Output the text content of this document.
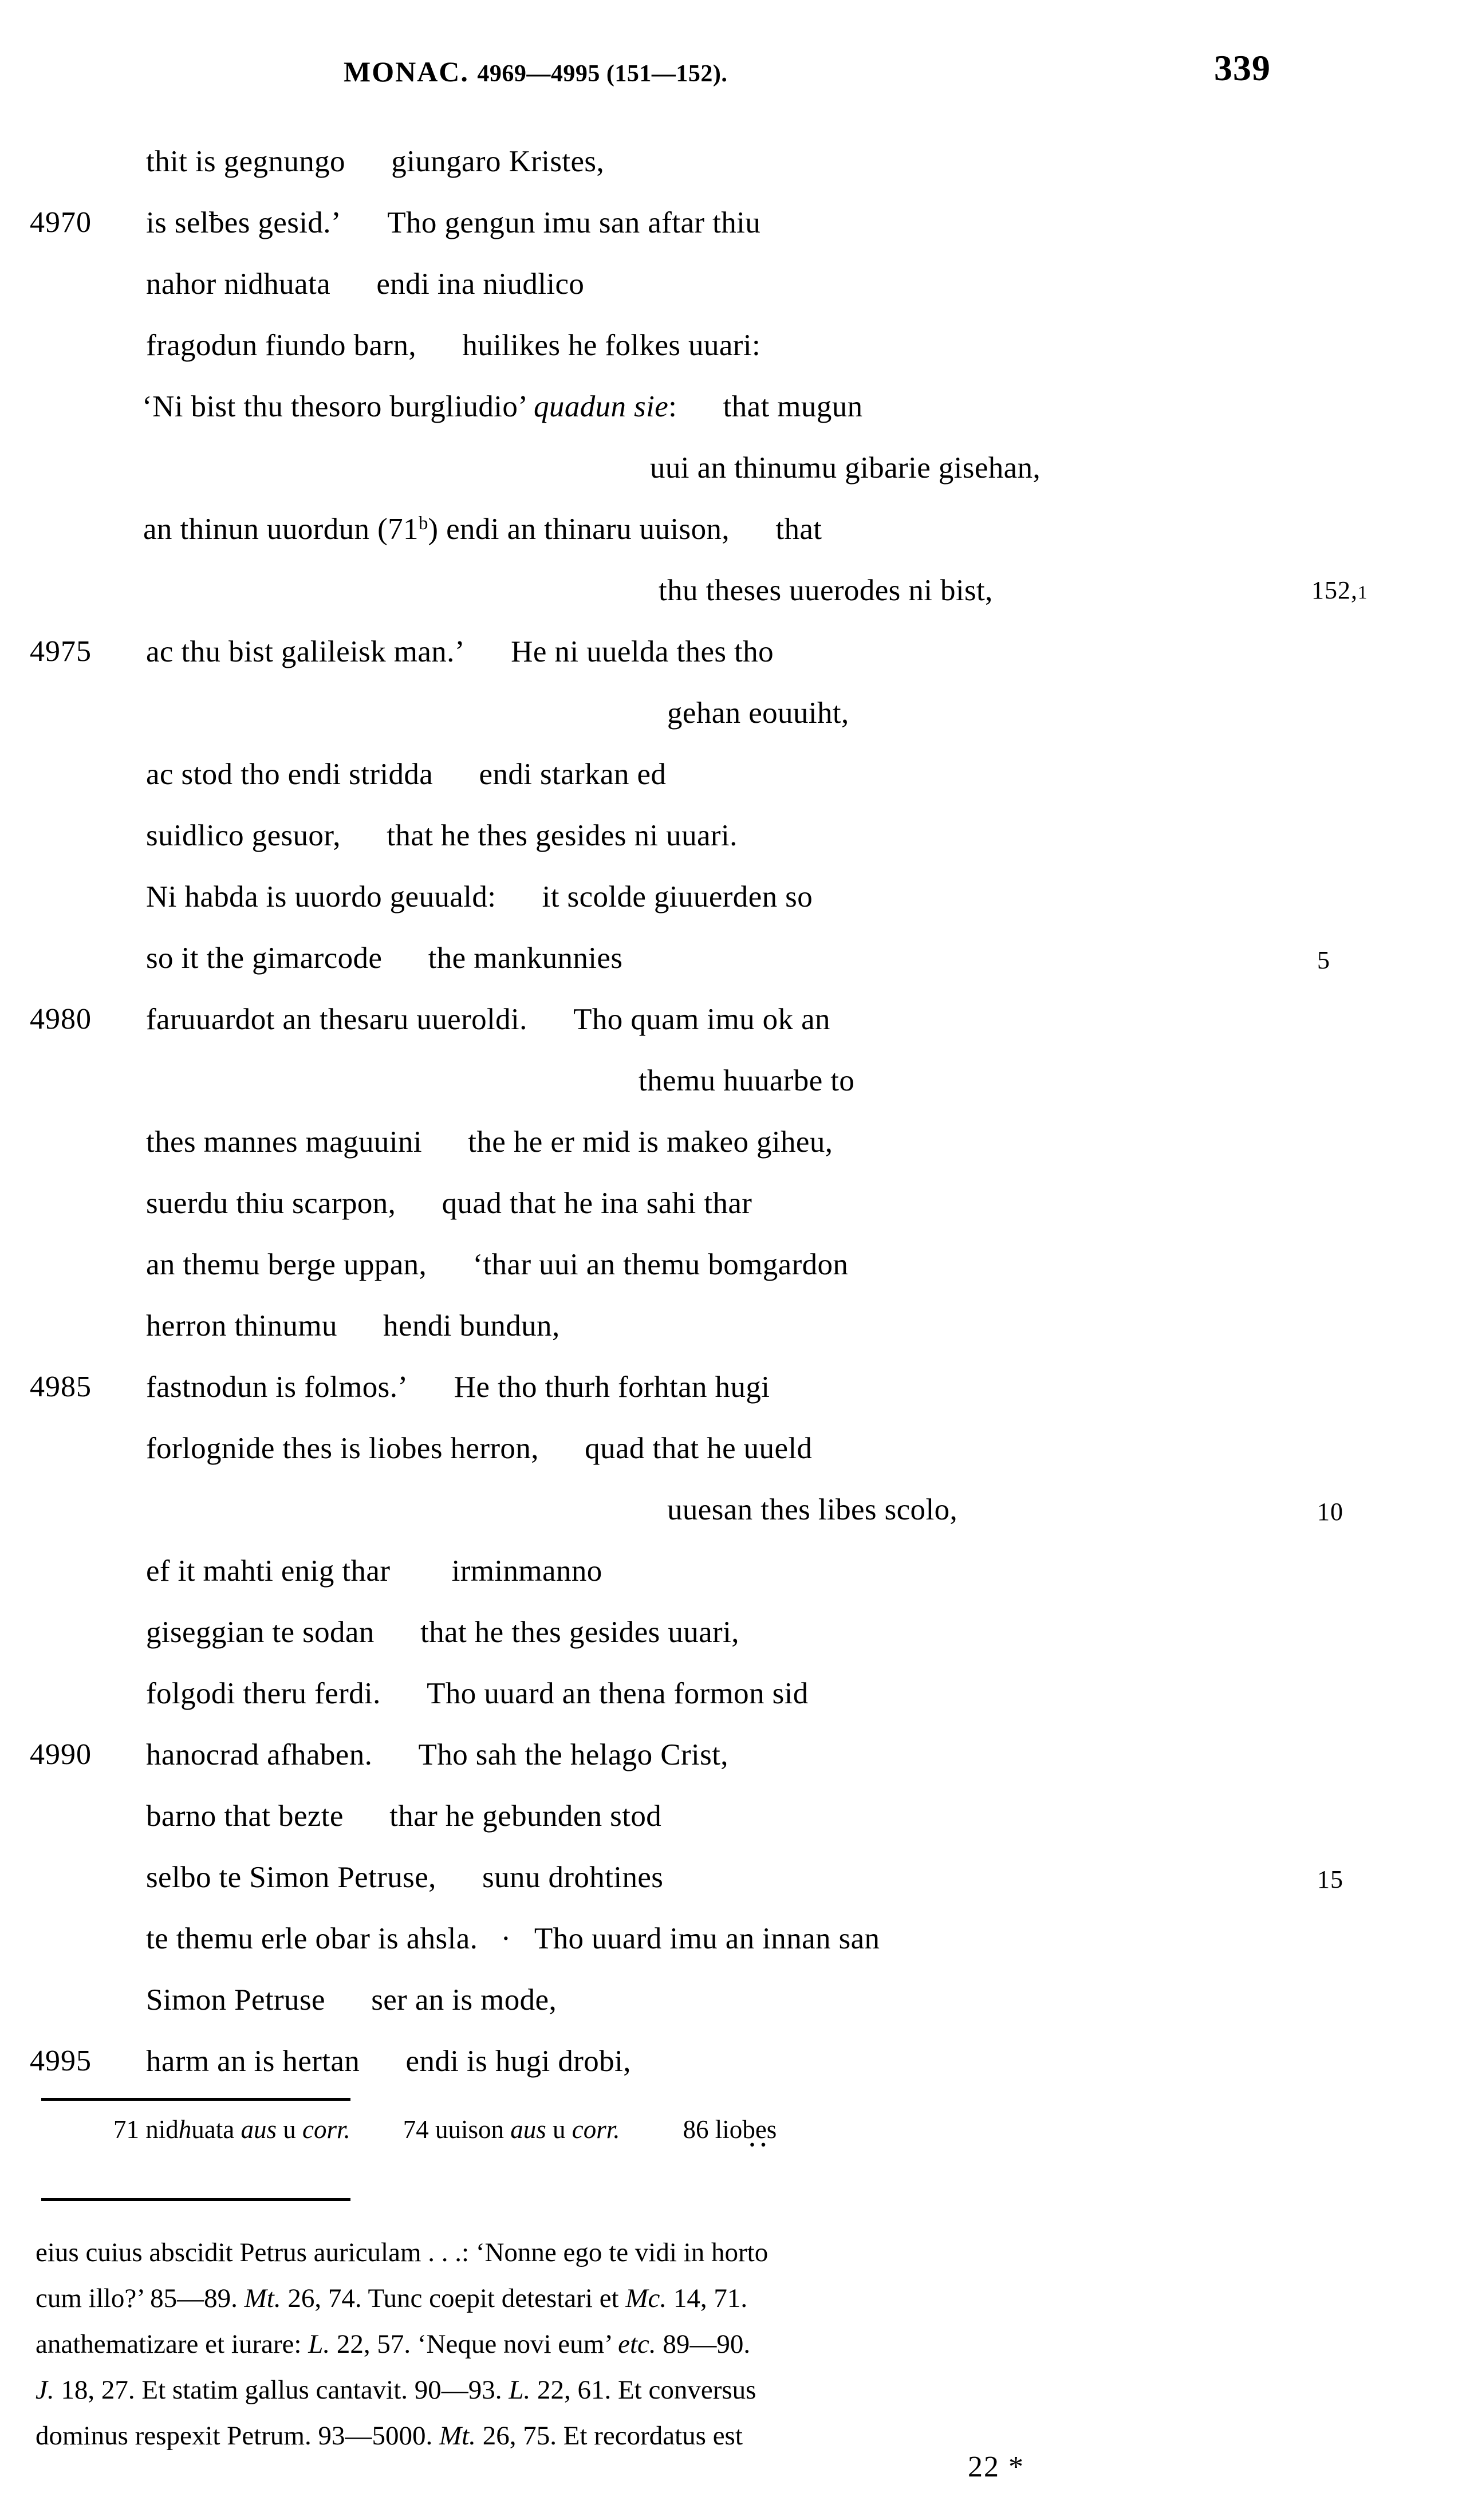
MONAC. 4969—4995 (151—152).	339
thit is gegnungo  giungaro Kristes,
4970 is selƀes gesid.’  Tho gengun imu san aftar thiu
nahor nidhuata  endi ina niudlico
fragodun fiundo barn,  huilikes he folkes uuari:
‘Ni bist thu thesoro burgliudio’ quadun sie:  that mugun
uui an thinumu gibarie gisehan,
an thinun uuordun (71$^b$) endi an thinaru uuison,  that
thu theses uuerodes ni bist,	152,1
4975 ac thu bist galileisk man.’  He ni uuelda thes tho
gehan eouuiht,
ac stod tho endi stridda  endi starkan ed
suidlico gesuor,  that he thes gesides ni uuari.
Ni habda is uuordo geuuald:  it scolde giuuerden so
so it the gimarcode  the mankunnies	5
4980 faruuardot an thesaru uueroldi.  Tho quam imu ok an
themu huuarbe to
thes mannes maguuini  the he er mid is makeo giheu,
suerdu thiu scarpon,  quad that he ina sahi thar
an themu berge uppan,  ‘thar uui an themu bomgardon
herron thinumu  hendi bundun,
4985 fastnodun is folmos.’  He tho thurh forhtan hugi
forlognide thes is liobes herron,  quad that he uueld
uuesan thes libes scolo,	10
ef it mahti enig thar   irminmanno
giseggian te sodan  that he thes gesides uuari,
folgodi theru ferdi.  Tho uuard an thena formon sid
4990 hanocrad afhaben.  Tho sah the helago Crist,
barno that bezte  thar he gebunden stod
selbo te Simon Petruse,  sunu drohtines	15
te themu erle obar is ahsla. · Tho uuard imu an innan san
Simon Petruse  ser an is mode,
4995 harm an is hertan  endi is hugi drobi,
71 nidhuata aus u corr. 74 uuison aus u corr. 86 liobes ··
eius cuius abscidit Petrus auriculam . . .: ‘Nonne ego te vidi in horto
cum illo?’ 85—89. Mt. 26, 74. Tunc coepit detestari et Mc. 14, 71.
anathematizare et iurare: L. 22, 57. ‘Neque novi eum’ etc. 89—90.
J. 18, 27. Et statim gallus cantavit. 90—93. L. 22, 61. Et conversus
dominus respexit Petrum. 93—5000. Mt. 26, 75. Et recordatus est
22 *
